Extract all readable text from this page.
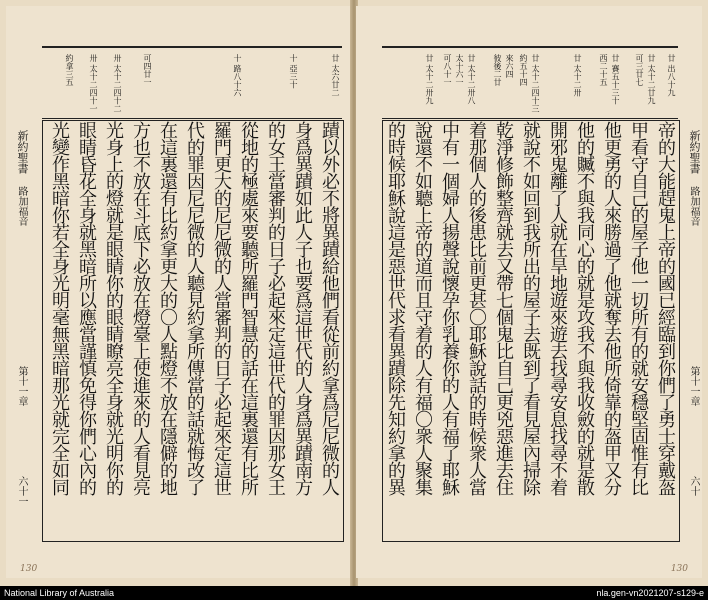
廿 太六廿二
十 亞三十
十 路八十六
可四廿一
卅 太十二四十二
卅 太十二四十一
約拿三五
蹟以外必不將異蹟給他們看從前約拿爲尼尼微的人
身爲異蹟如此人子也要爲這世代的人身爲異蹟南方
的女王當審判的日子必起來定這世代的罪因那女王
從地的極處來要聽所羅門智慧的話在這裏還有比所
羅門更大的尼尼微的人當審判的日子必起來定這世
代的罪因尼尼微的人聽見約拿所傳當的話就悔改了
在這裏還有比約拿更大的〇人點燈不放在隱僻的地
方也不放在斗底下必放在燈臺上使進來的人看見亮
光身上的燈就是眼睛你的眼睛瞭亮全身就光明你的
眼睛昏花全身就黑暗所以應當謹慎免得你們心內的
光變作黑暗你若全身光明毫無黑暗那光就完全如同
新約聖書
路加福音
第十一章
六十一
130
廿 出八十九
廿 太十二廿九
可三廿七
廿 賽五十三十
西二十五
廿 太十二卅
廿 太十二四十三
約五十四
來六四
彼後二廿
廿 太十二卅八
太十六一
可八十一
廿 太十二卅九
帝的大能趕鬼上帝的國已經臨到你們了勇士穿戴盔
甲看守自己的屋子他一切所有的就安穩堅固惟有比
他更勇的人來勝過了他就奪去他所倚靠的盔甲又分
他的贓不與我同心的就是攻我不與我收斂的就是散
開邪鬼離了人就在旱地遊來遊去找尋安息找尋不着
就說不如回到我所出的屋子去既到了看見屋內掃除
乾淨修飾整齊就去又帶七個鬼比自己更兇惡進去住
着那個人的後患比前更甚〇耶穌說話的時候衆人當
中有一個婦人揚聲說懷孕你乳養你的人有福了耶穌
說還不如聽上帝的道而且守着的人有福〇衆人聚集
的時候耶穌說這是惡世代求看異蹟除先知約拿的異	新約聖書
路加福音
第十一章
六十
130
National Library of Australia	nla.gen-vn2021207-s129-e
